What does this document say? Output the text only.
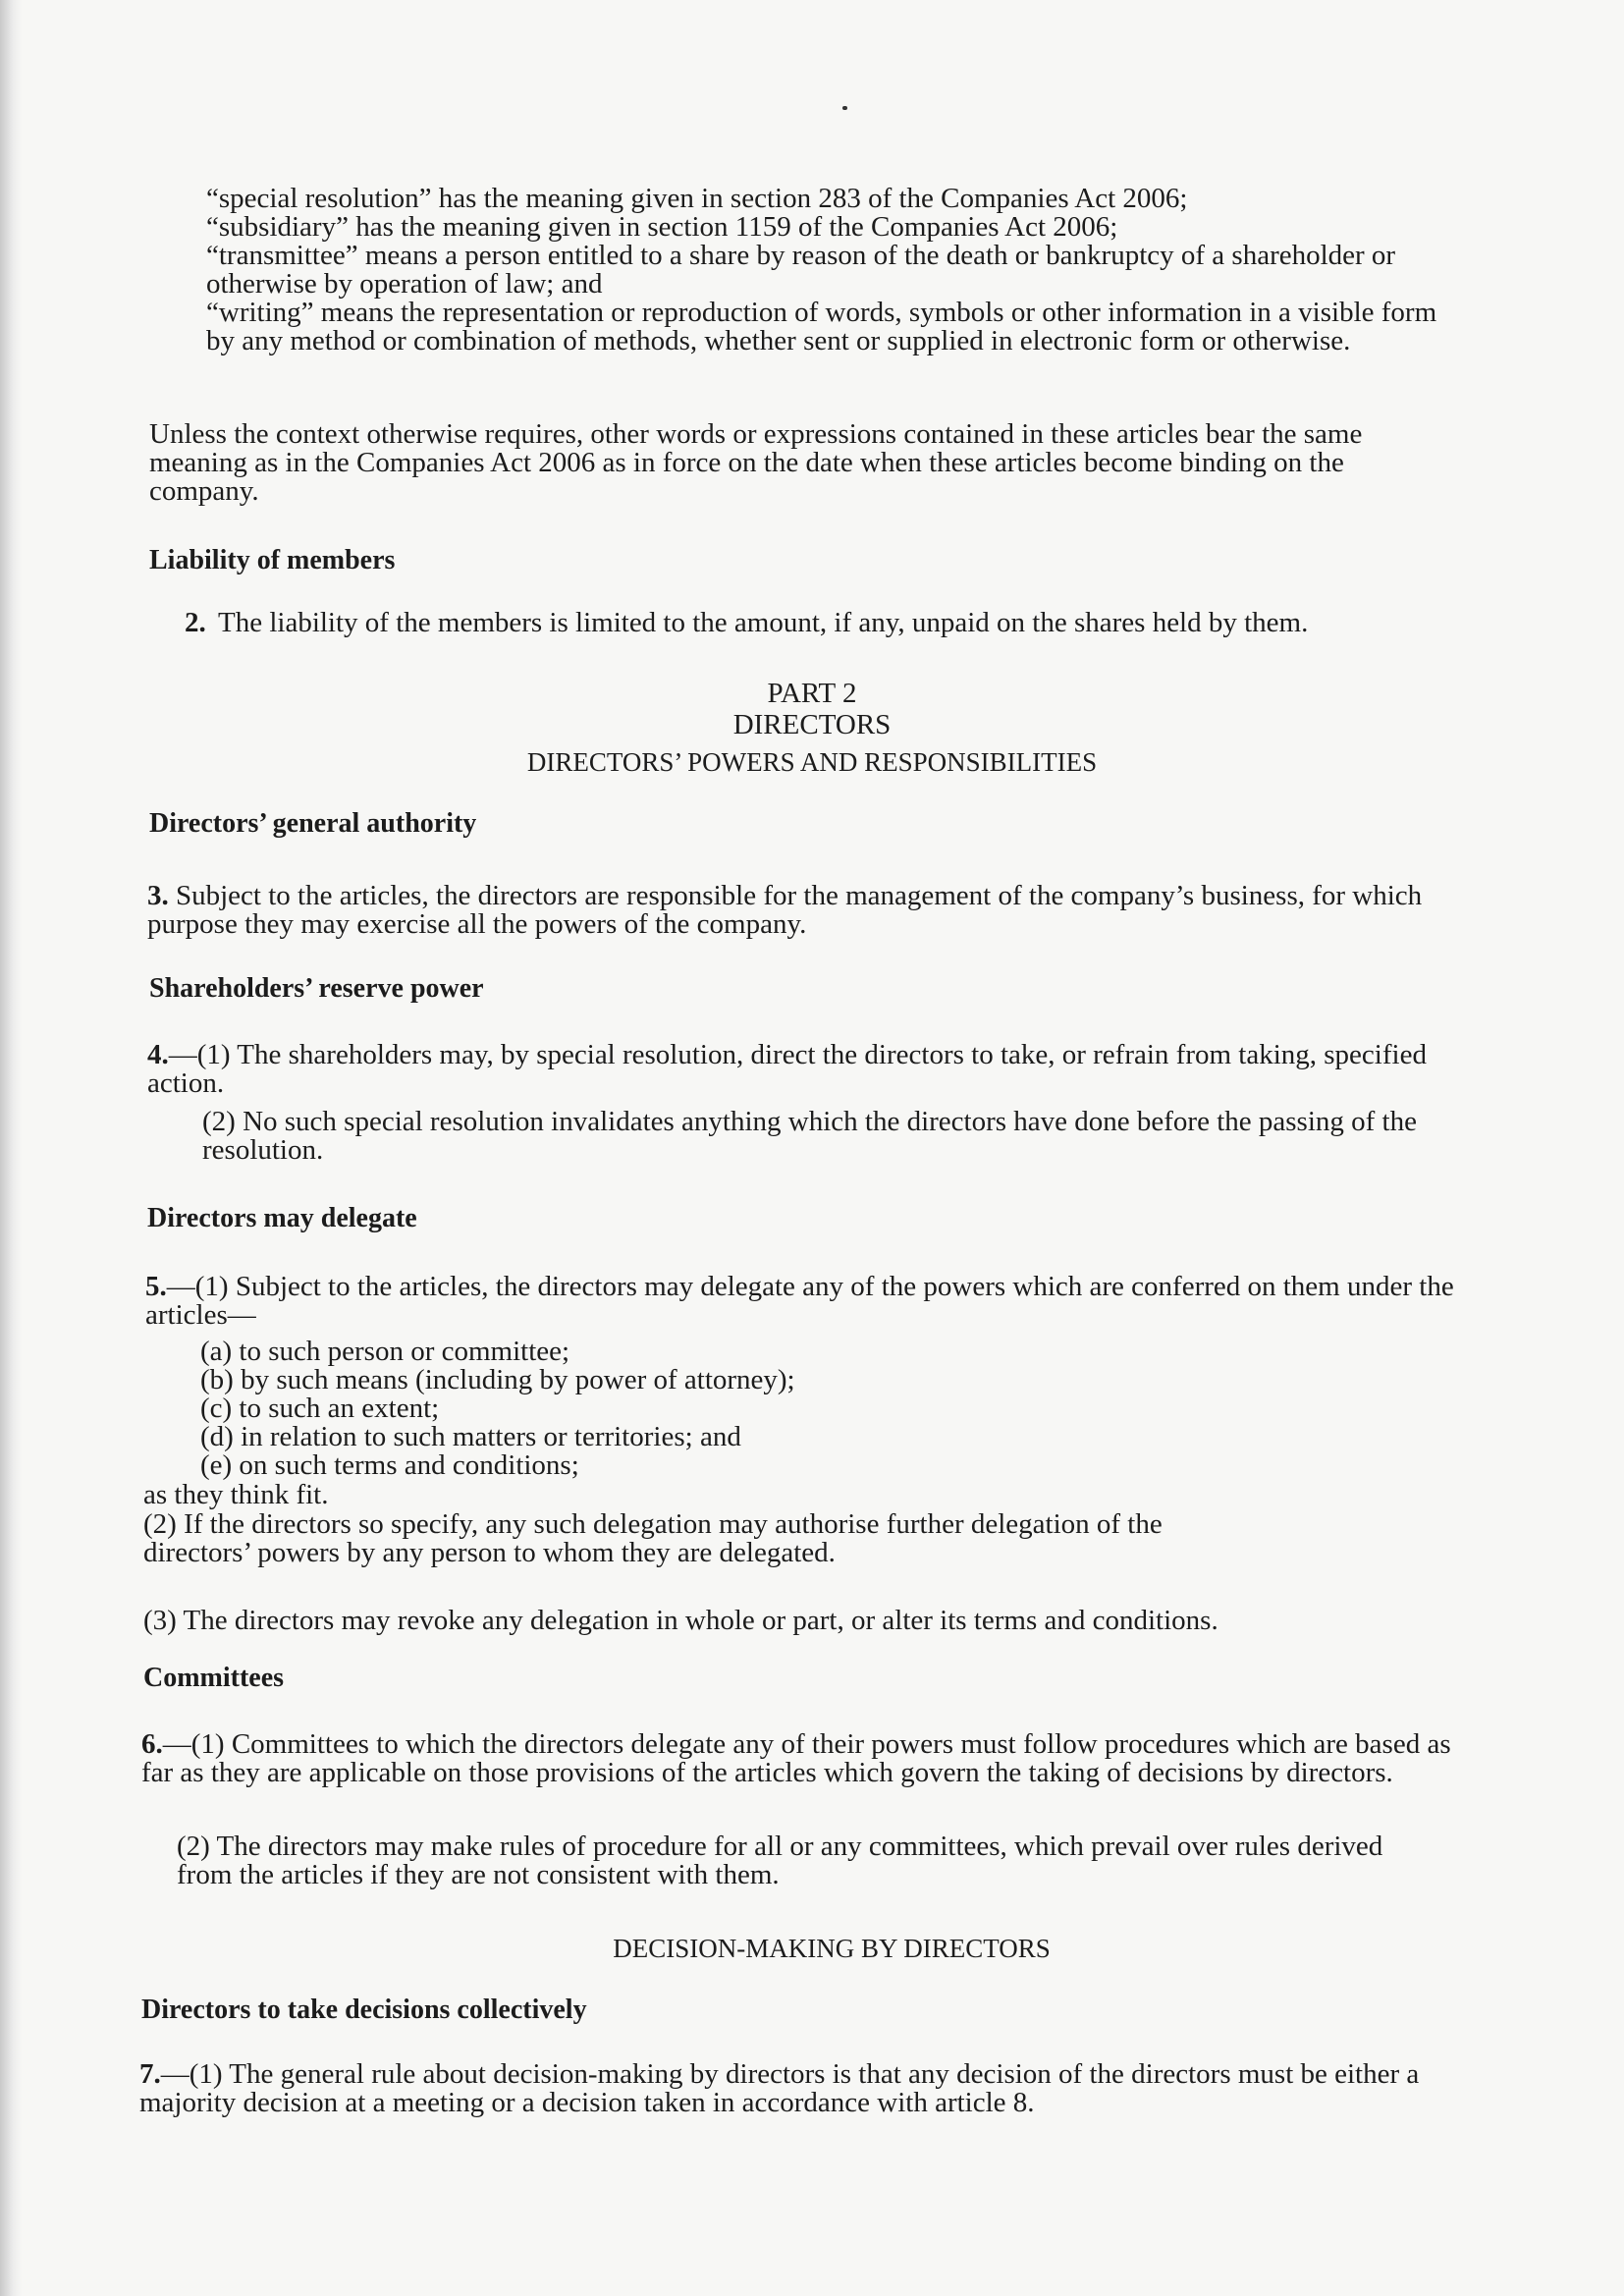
“special resolution” has the meaning given in section 283 of the Companies Act 2006;

“subsidiary” has the meaning given in section 1159 of the Companies Act 2006;

“transmittee” means a person entitled to a share by reason of the death or bankruptcy of a shareholder or otherwise by operation of law; and

“writing” means the representation or reproduction of words, symbols or other information in a visible form by any method or combination of methods, whether sent or supplied in electronic form or otherwise.

Unless the context otherwise requires, other words or expressions contained in these articles bear the same meaning as in the Companies Act 2006 as in force on the date when these articles become binding on the company.

Liability of members

2. The liability of the members is limited to the amount, if any, unpaid on the shares held by them.

PART 2

DIRECTORS

DIRECTORS’ POWERS AND RESPONSIBILITIES

Directors’ general authority

3. Subject to the articles, the directors are responsible for the management of the company’s business, for which purpose they may exercise all the powers of the company.

Shareholders’ reserve power

4.—(1) The shareholders may, by special resolution, direct the directors to take, or refrain from taking, specified action.

(2) No such special resolution invalidates anything which the directors have done before the passing of the resolution.

Directors may delegate

5.—(1) Subject to the articles, the directors may delegate any of the powers which are conferred on them under the articles—

(a) to such person or committee;

(b) by such means (including by power of attorney);

(c) to such an extent;

(d) in relation to such matters or territories; and

(e) on such terms and conditions;

as they think fit.

(2) If the directors so specify, any such delegation may authorise further delegation of the directors’ powers by any person to whom they are delegated.

(3) The directors may revoke any delegation in whole or part, or alter its terms and conditions.

Committees

6.—(1) Committees to which the directors delegate any of their powers must follow procedures which are based as far as they are applicable on those provisions of the articles which govern the taking of decisions by directors.

(2) The directors may make rules of procedure for all or any committees, which prevail over rules derived from the articles if they are not consistent with them.

DECISION-MAKING BY DIRECTORS

Directors to take decisions collectively

7.—(1) The general rule about decision-making by directors is that any decision of the directors must be either a majority decision at a meeting or a decision taken in accordance with article 8.
